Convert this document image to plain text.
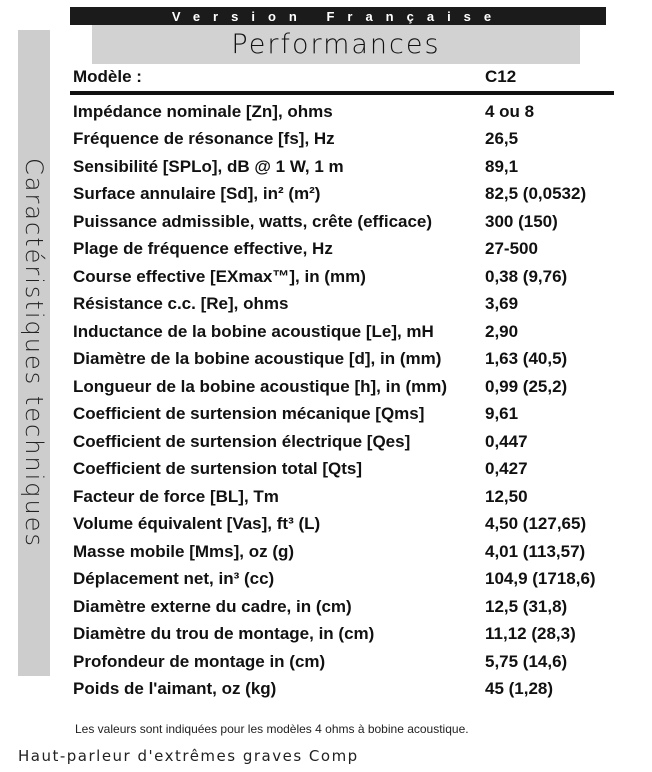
Version Française
Performances
Caractéristiques techniques
Modèle :	C12
Impédance nominale [Zn], ohms	4 ou 8
Fréquence de résonance [fs], Hz	26,5
Sensibilité [SPLo], dB @ 1 W, 1 m	89,1
Surface annulaire [Sd], in² (m²)	82,5 (0,0532)
Puissance admissible, watts, crête (efficace)	300 (150)
Plage de fréquence effective, Hz	27-500
Course effective [EXmax™], in (mm)	0,38 (9,76)
Résistance c.c. [Re], ohms	3,69
Inductance de la bobine acoustique [Le], mH	2,90
Diamètre de la bobine acoustique [d], in (mm)	1,63 (40,5)
Longueur de la bobine acoustique [h], in (mm)	0,99 (25,2)
Coefficient de surtension mécanique [Qms]	9,61
Coefficient de surtension électrique [Qes]	0,447
Coefficient de surtension total [Qts]	0,427
Facteur de force [BL], Tm	12,50
Volume équivalent [Vas], ft³ (L)	4,50 (127,65)
Masse mobile [Mms], oz (g)	4,01 (113,57)
Déplacement net, in³ (cc)	104,9 (1718,6)
Diamètre externe du cadre, in (cm)	12,5 (31,8)
Diamètre du trou de montage, in (cm)	11,12 (28,3)
Profondeur de montage in (cm)	5,75 (14,6)
Poids de l'aimant, oz (kg)	45 (1,28)
Les valeurs sont indiquées pour les modèles 4 ohms à bobine acoustique.
Haut-parleur d'extrêmes graves Comp
